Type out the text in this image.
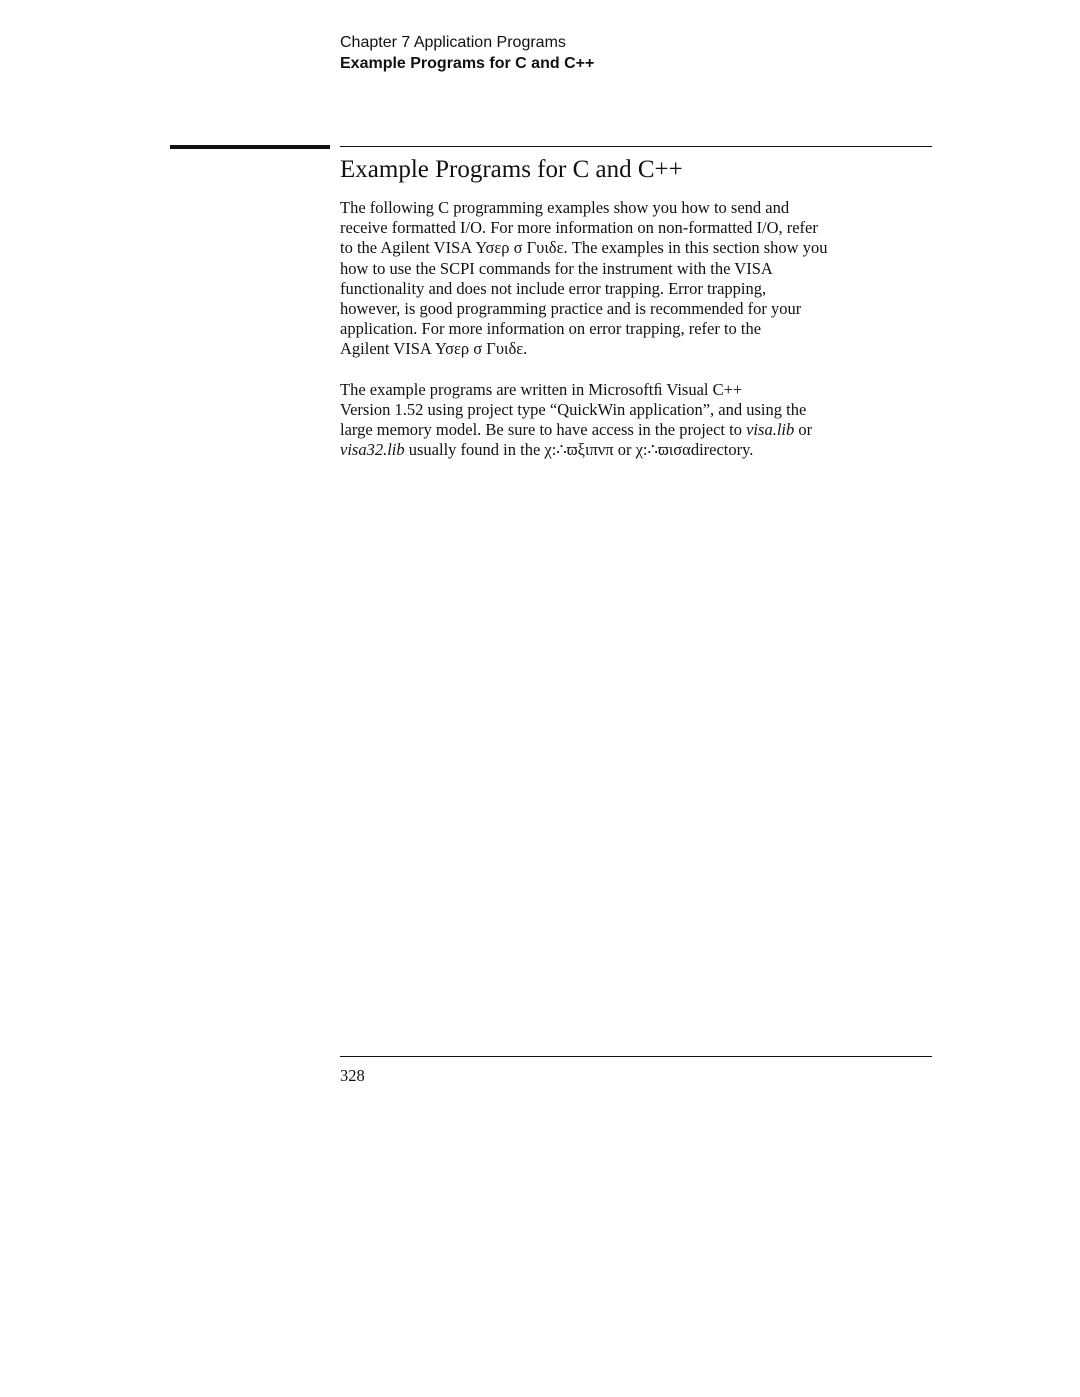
Chapter 7 Application Programs
Example Programs for C and C++
Example Programs for C and C++

The following C programming examples show you how to send and
receive formatted I/O. For more information on non-formatted I/O, refer
to the Agilent VISA Υσερ σ Γυιδε. The examples in this section show you
how to use the SCPI commands for the instrument with the VISA
functionality and does not include error trapping. Error trapping,
however, is good programming practice and is recommended for your
application. For more information on error trapping, refer to the
Agilent VISA Υσερ σ Γυιδε.

The example programs are written in Microsoftﬁ Visual C++
Version 1.52 using project type “QuickWin application”, and using the
large memory model. Be sure to have access in the project to visa.lib or
visa32.lib usually found in the χ:∴ϖξιπνπ or χ:∴ϖισαdirectory.

328
